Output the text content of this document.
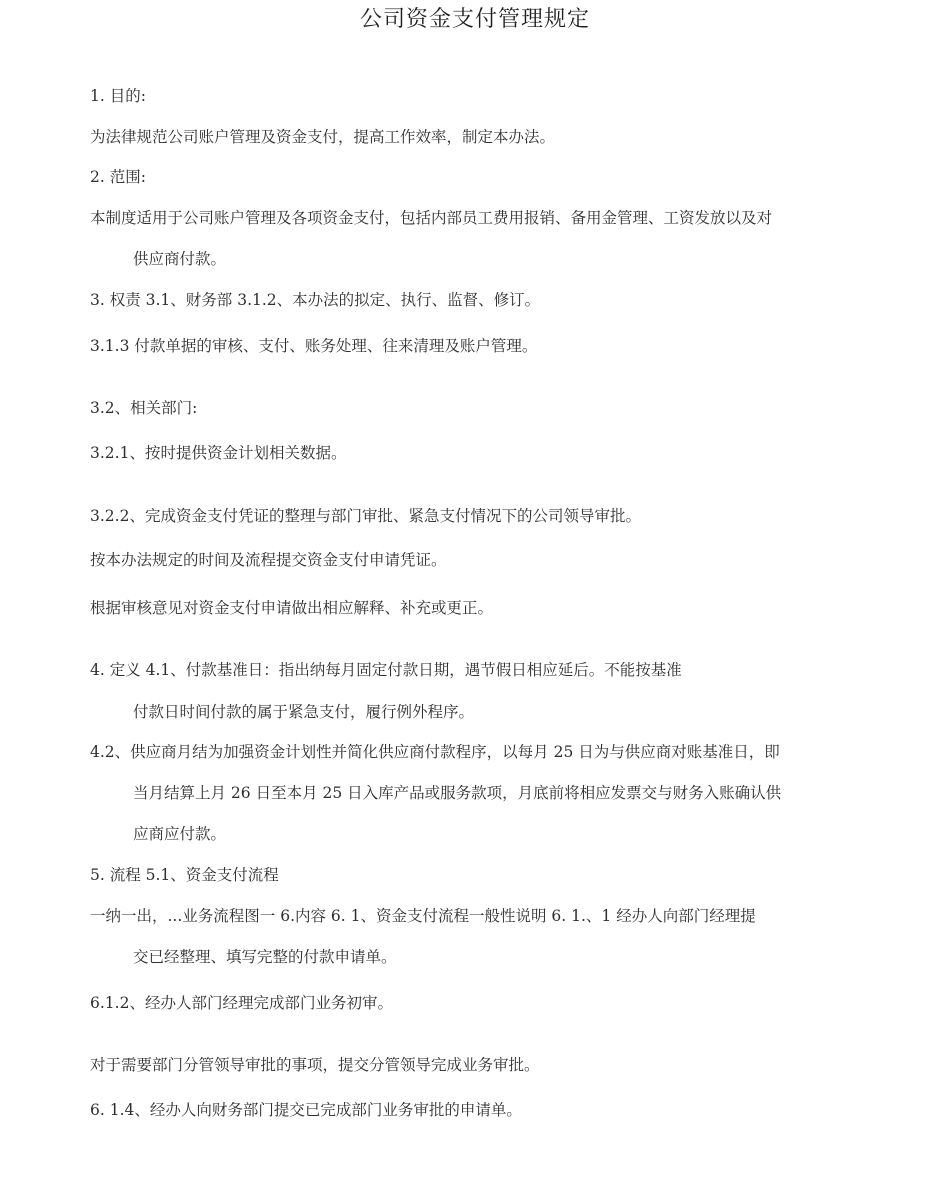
公司资金支付管理规定
1. 目的:
为法律规范公司账户管理及资金支付，提高工作效率，制定本办法。
2. 范围:
本制度适用于公司账户管理及各项资金支付，包括内部员工费用报销、备用金管理、工资发放以及对
供应商付款。
3. 权责 3.1、财务部 3.1.2、本办法的拟定、执行、监督、修订。
3.1.3 付款单据的审核、支付、账务处理、往来清理及账户管理。
3.2、相关部门:
3.2.1、按时提供资金计划相关数据。
3.2.2、完成资金支付凭证的整理与部门审批、紧急支付情况下的公司领导审批。
按本办法规定的时间及流程提交资金支付申请凭证。
根据审核意见对资金支付申请做出相应解释、补充或更正。
4. 定义 4.1、付款基准日：指出纳每月固定付款日期，遇节假日相应延后。不能按基准
付款日时间付款的属于紧急支付，履行例外程序。
4.2、供应商月结为加强资金计划性并简化供应商付款程序，以每月 25 日为与供应商对账基准日，即
当月结算上月 26 日至本月 25 日入库产品或服务款项，月底前将相应发票交与财务入账确认供
应商应付款。
5. 流程 5.1、资金支付流程
一纳一出，...业务流程图一 6.内容 6. 1、资金支付流程一般性说明 6. 1.、1 经办人向部门经理提
交已经整理、填写完整的付款申请单。
6.1.2、经办人部门经理完成部门业务初审。
对于需要部门分管领导审批的事项，提交分管领导完成业务审批。
6. 1.4、经办人向财务部门提交已完成部门业务审批的申请单。
